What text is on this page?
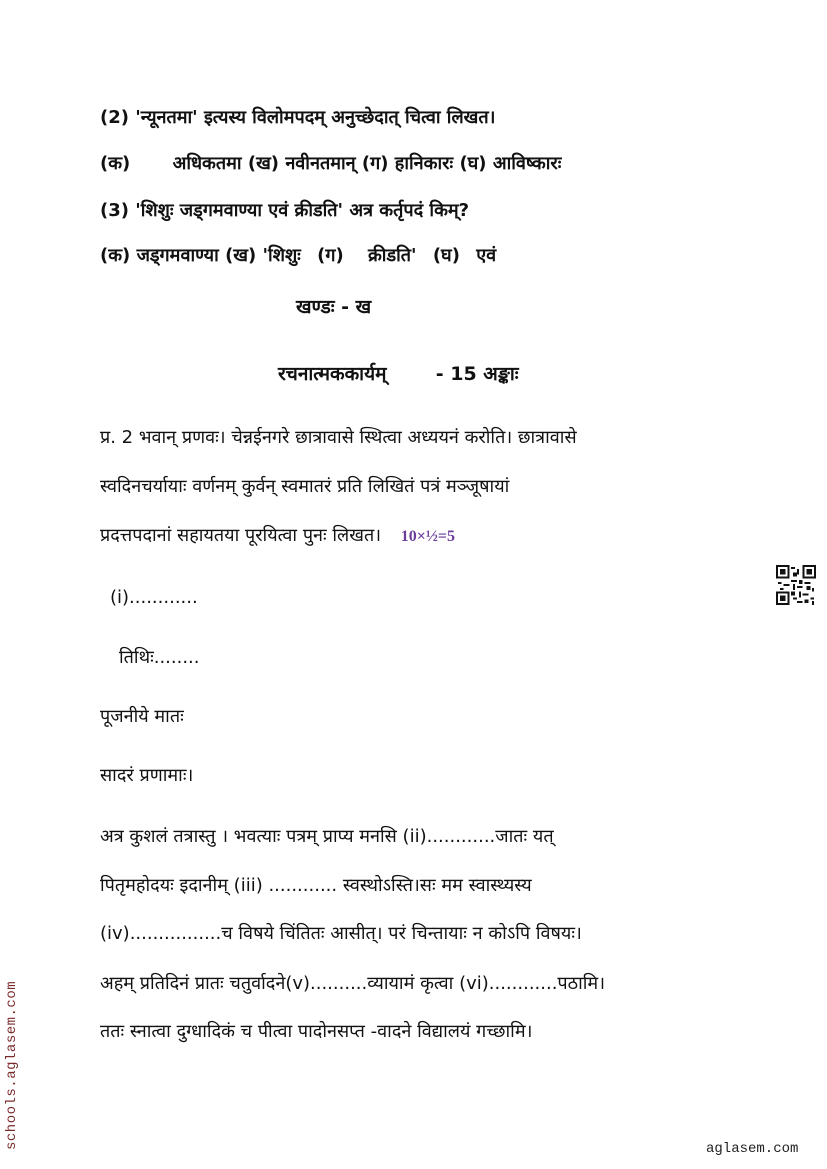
(2) 'न्यूनतमा' इत्यस्य विलोमपदम् अनुच्छेदात् चित्वा लिखत।
(क) अधिकतमा (ख) नवीनतमान् (ग) हानिकारः (घ) आविष्कारः
(3) 'शिशुः जड्गमवाण्या एवं क्रीडति' अत्र कर्तृपदं किम्?
(क) जड्गमवाण्या (ख) 'शिशुः (ग) क्रीडति' (घ) एवं
खण्डः - ख
रचनात्मककार्यम्	- 15 अङ्काः
प्र. 2 भवान् प्रणवः। चेन्नईनगरे छात्रावासे स्थित्वा अध्ययनं करोति। छात्रावासे
स्वदिनचर्यायाः वर्णनम् कुर्वन् स्वमातरं प्रति लिखितं पत्रं मञ्जूषायां
प्रदत्तपदानां सहायतया पूरयित्वा पुनः लिखत। 10×½=5
(i)............
तिथिः........
पूजनीये मातः
सादरं प्रणामाः।
अत्र कुशलं तत्रास्तु । भवत्याः पत्रम् प्राप्य मनसि (ii)............जातः यत्
पितृमहोदयः इदानीम् (iii) ............ स्वस्थोऽस्ति।सः मम स्वास्थ्यस्य
(iv)................च विषये चिंतितः आसीत्। परं चिन्तायाः न कोऽपि विषयः।
अहम् प्रतिदिनं प्रातः चतुर्वादने(v)..........व्यायामं कृत्वा (vi)............पठामि।
ततः स्नात्वा दुग्धादिकं च पीत्वा पादोनसप्त -वादने विद्यालयं गच्छामि।
schools.aglasem.com	aglasem.com
